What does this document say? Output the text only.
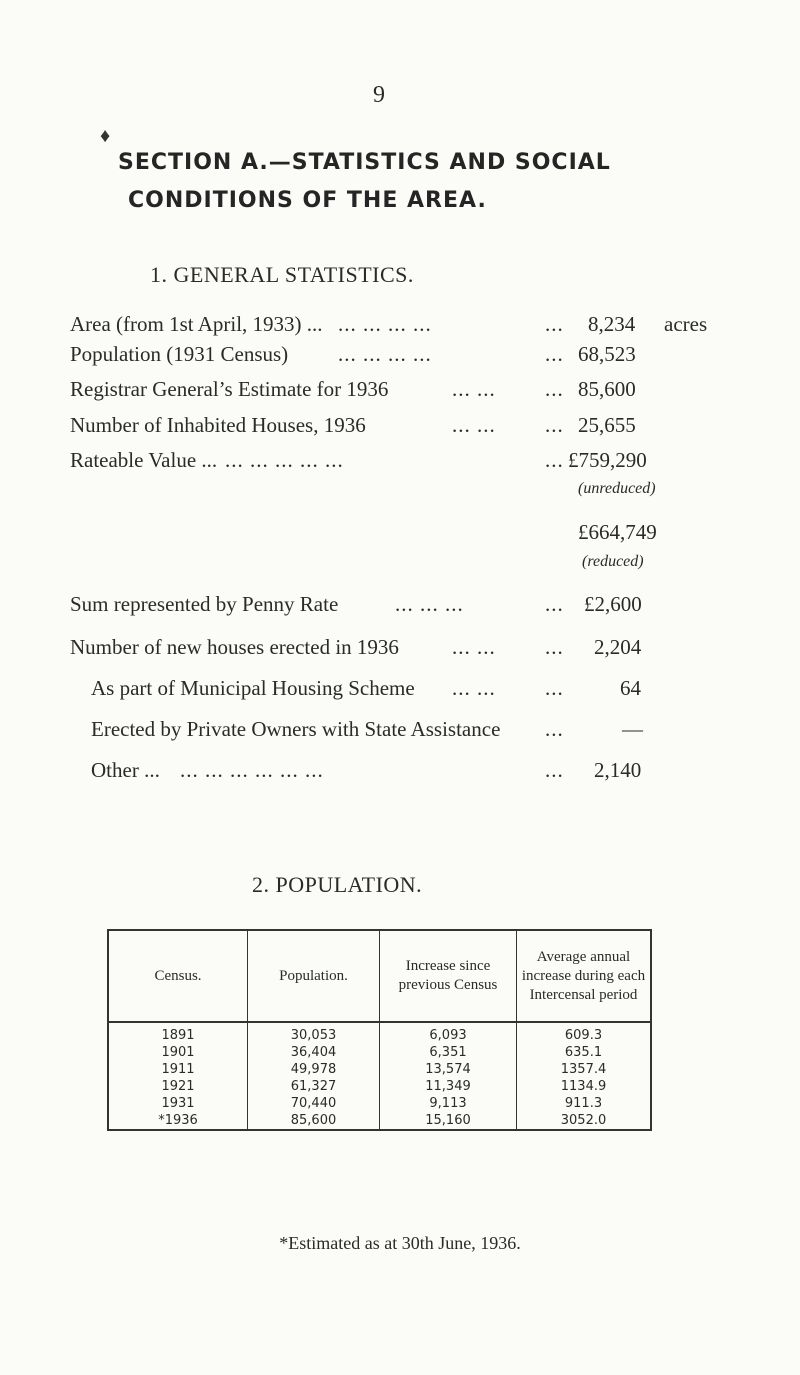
9
♦
SECTION A.—STATISTICS AND SOCIAL
CONDITIONS OF THE AREA.
1. GENERAL STATISTICS.
Area (from 1st April, 1933) ... ... ... ... ...	... 8,234 acres
Population (1931 Census) ... ... ... ...	... 68,523
Registrar General’s Estimate for 1936	... ... ... 85,600
Number of Inhabited Houses, 1936	... ... ... 25,655
Rateable Value ... ... ... ... ... ...	... £759,290
(unreduced)
£664,749
(reduced)
Sum represented by Penny Rate	... ... ...	... £2,600
Number of new houses erected in 1936	... ... ... 2,204
As part of Municipal Housing Scheme ... ... ...	64
Erected by Private Owners with State Assistance ...	—
Other ... ... ... ... ... ... ...	... 2,140
2. POPULATION.
Census.	Population.	Increase since previous Census	Average annual increase during each Intercensal period
1891	30,053	6,093	609.3
1901	36,404	6,351	635.1
1911	49,978	13,574	1357.4
1921	61,327	11,349	1134.9
1931	70,440	9,113	911.3
*1936	85,600	15,160	3052.0
*Estimated as at 30th June, 1936.
